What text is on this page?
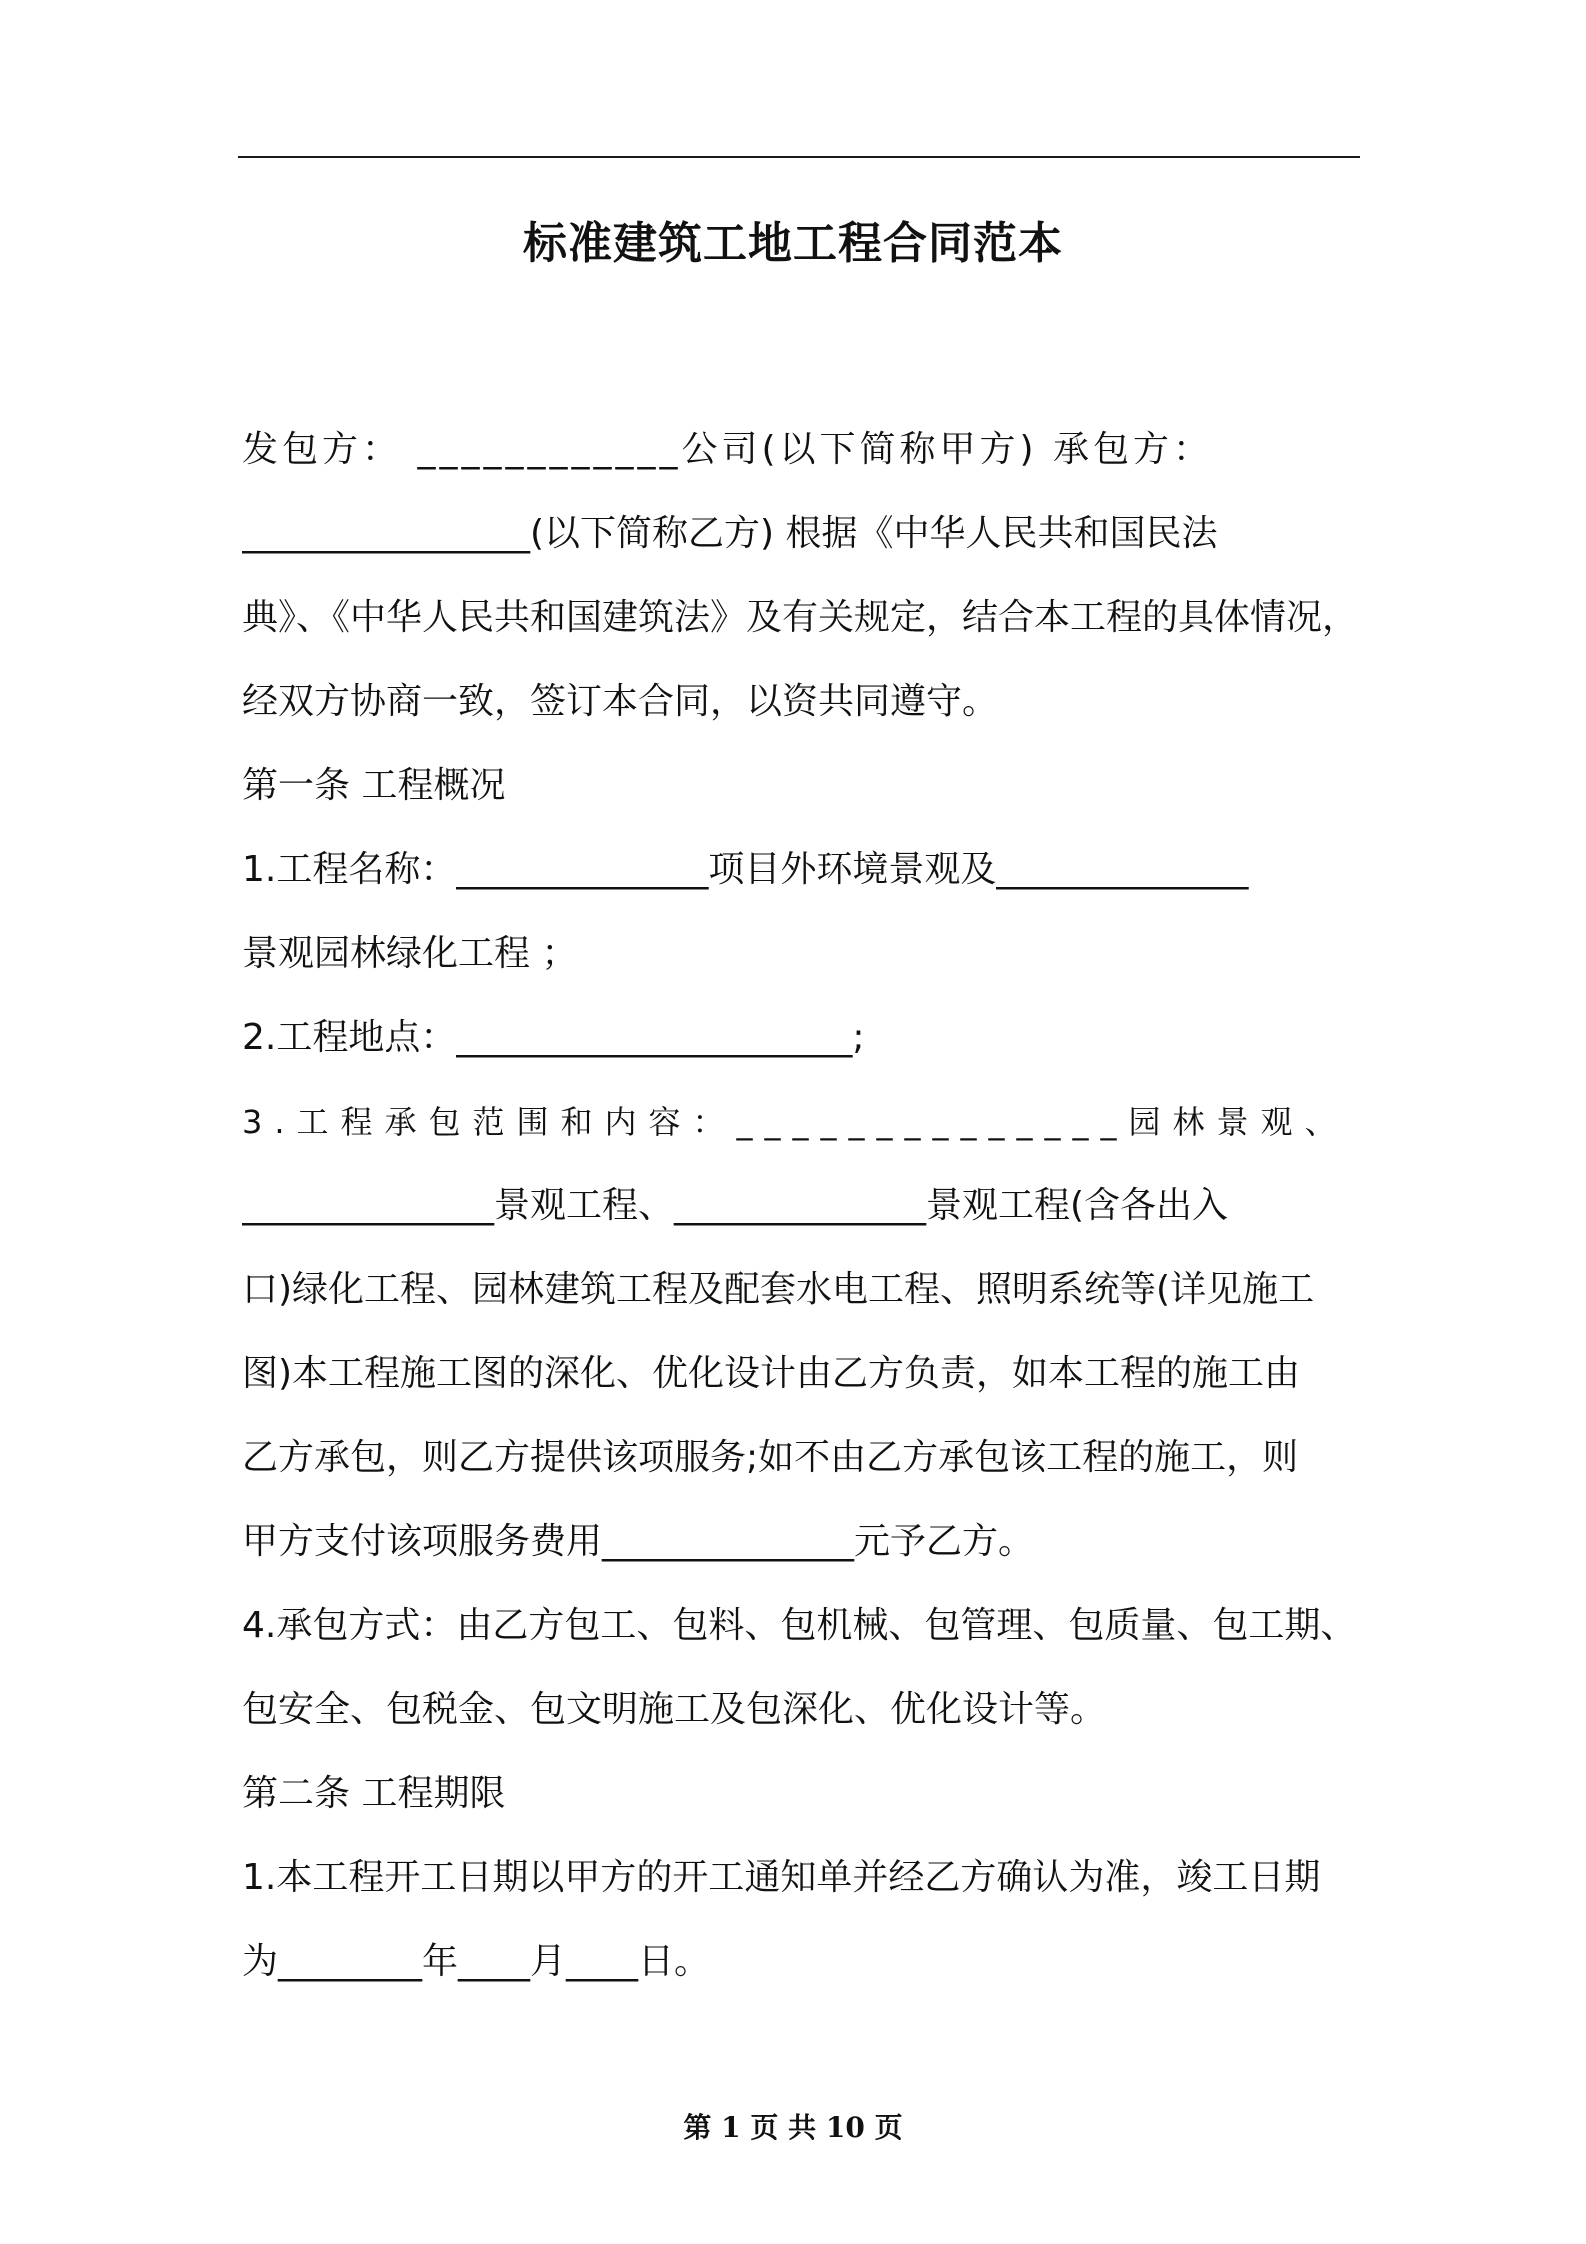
标准建筑工地工程合同范本
发包方： ____________公司(以下简称甲方) 承包方：
________________(以下简称乙方) 根据《中华人民共和国民法
典》、《中华人民共和国建筑法》及有关规定，结合本工程的具体情况，
经双方协商一致，签订本合同，以资共同遵守。
第一条 工程概况
1.工程名称：______________项目外环境景观及______________
景观园林绿化工程 ；
2.工程地点：______________________;
3.工程承包范围和内容：______________园林景观、
______________景观工程、______________景观工程(含各出入
口)绿化工程、园林建筑工程及配套水电工程、照明系统等(详见施工
图)本工程施工图的深化、优化设计由乙方负责，如本工程的施工由
乙方承包，则乙方提供该项服务;如不由乙方承包该工程的施工，则
甲方支付该项服务费用______________元予乙方。
4.承包方式：由乙方包工、包料、包机械、包管理、包质量、包工期、
包安全、包税金、包文明施工及包深化、优化设计等。
第二条 工程期限
1.本工程开工日期以甲方的开工通知单并经乙方确认为准，竣工日期
为________年____月____日。
第 1 页 共 10 页
